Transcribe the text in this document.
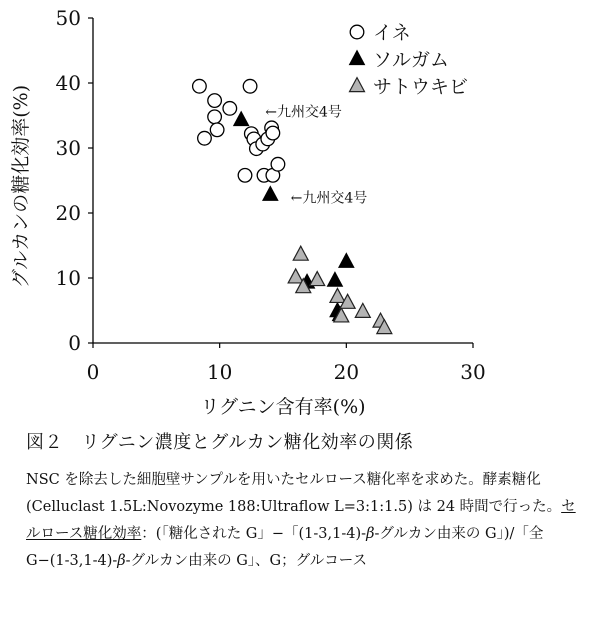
0
10
20
30
40
50
0	10	20	30
リグニン含有率(%)
グルカンの糖化効率(%)	←九州交4号
←九州交4号
イネ
ソルガム
サトウキビ
図２　リグニン濃度とグルカン糖化効率の関係
NSC を除去した細胞壁サンプルを用いたセルロース糖化率を求めた。酵素糖化 (Celluclast 1.5L:Novozyme 188:Ultraflow L=3:1:1.5) は 24 時間で行った。セルロース糖化効率：(「糖化された G」−「(1-3,1-4)-β-グルカン由来の G」)/「全 G−(1-3,1-4)-β-グルカン由来の G」、G；グルコース
